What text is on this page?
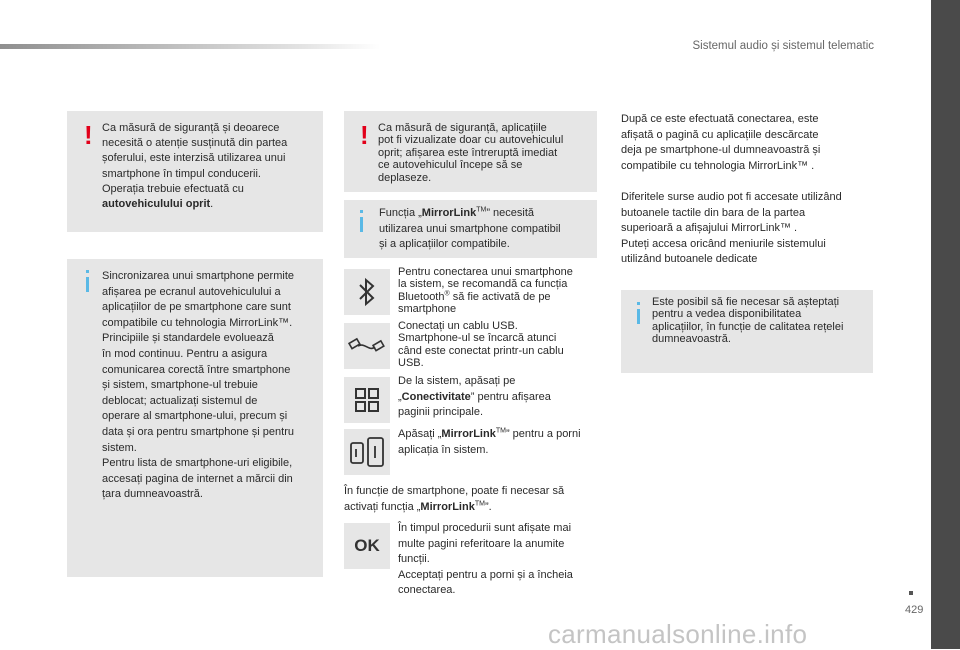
Sistemul audio și sistemul telematic
429
! Ca măsură de siguranță și deoarece
necesită o atenție susținută din partea
șoferului, este interzisă utilizarea unui
smartphone în timpul conducerii.
Operația trebuie efectuată cu
autovehiculului oprit.
Sincronizarea unui smartphone permite
afișarea pe ecranul autovehiculului a
aplicațiilor de pe smartphone care sunt
compatibile cu tehnologia MirrorLink™.
Principiile și standardele evoluează
în mod continuu. Pentru a asigura
comunicarea corectă între smartphone
și sistem, smartphone-ul trebuie
deblocat; actualizați sistemul de
operare al smartphone-ului, precum și
data și ora pentru smartphone și pentru
sistem.
Pentru lista de smartphone-uri eligibile,
accesați pagina de internet a mărcii din
țara dumneavoastră.
! Ca măsură de siguranță, aplicațiile
pot fi vizualizate doar cu autovehiculul
oprit; afișarea este întreruptă imediat
ce autovehiculul începe să se
deplaseze.
Funcția „MirrorLink™” necesită
utilizarea unui smartphone compatibil
și a aplicațiilor compatibile.
Pentru conectarea unui smartphone
la sistem, se recomandă ca funcția
Bluetooth® să fie activată de pe
smartphone
Conectați un cablu USB.
Smartphone-ul se încarcă atunci
când este conectat printr-un cablu
USB.
De la sistem, apăsați pe
„Conectivitate” pentru afișarea
paginii principale.
Apăsați „MirrorLink™” pentru a porni
aplicația în sistem.
În funcție de smartphone, poate fi necesar să
activați funcția „MirrorLink™”.
OK
În timpul procedurii sunt afișate mai
multe pagini referitoare la anumite
funcții.
Acceptați pentru a porni și a încheia
conectarea.
După ce este efectuată conectarea, este
afișată o pagină cu aplicațiile descărcate
deja pe smartphone-ul dumneavoastră și
compatibile cu tehnologia MirrorLink™ .
Diferitele surse audio pot fi accesate utilizând
butoanele tactile din bara de la partea
superioară a afișajului MirrorLink™ .
Puteți accesa oricând meniurile sistemului
utilizând butoanele dedicate
Este posibil să fie necesar să așteptați
pentru a vedea disponibilitatea
aplicațiilor, în funcție de calitatea rețelei
dumneavoastră.
carmanualsonline.info
